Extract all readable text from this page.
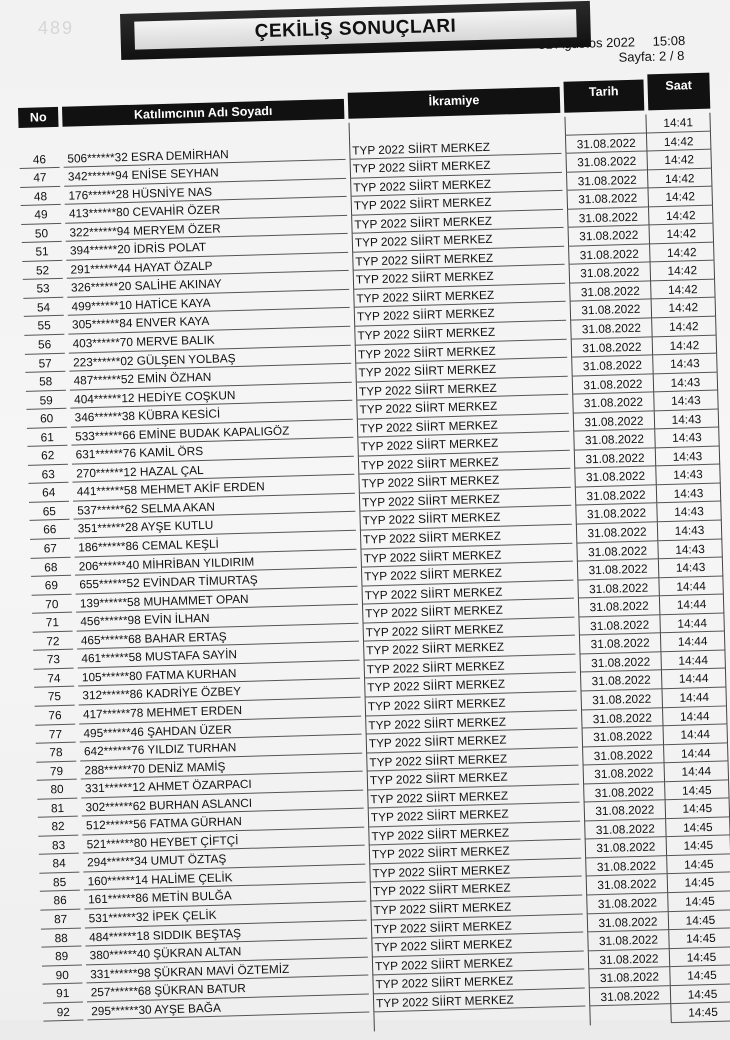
489	ÇEKİLİŞ SONUÇLARI
31 Ağustos 2022 15:08
Sayfa: 2 / 8
No	Katılımcının Adı Soyadı
İkramiye
Tarih	Saat
14:41
46	506******32 ESRA DEMİRHAN	TYP 2022 SİİRT MERKEZ	31.08.2022	14:42
47	342******94 ENİSE SEYHAN	TYP 2022 SİİRT MERKEZ	31.08.2022	14:42
48	176******28 HÜSNİYE NAS	TYP 2022 SİİRT MERKEZ	31.08.2022	14:42
49	413******80 CEVAHİR ÖZER	TYP 2022 SİİRT MERKEZ	31.08.2022	14:42
50	322******94 MERYEM ÖZER	TYP 2022 SİİRT MERKEZ	31.08.2022	14:42
51	394******20 İDRİS POLAT	TYP 2022 SİİRT MERKEZ	31.08.2022	14:42
52	291******44 HAYAT ÖZALP	TYP 2022 SİİRT MERKEZ	31.08.2022	14:42
53	326******20 SALİHE AKINAY	TYP 2022 SİİRT MERKEZ	31.08.2022	14:42
54	499******10 HATİCE KAYA	TYP 2022 SİİRT MERKEZ	31.08.2022	14:42
55	305******84 ENVER KAYA	TYP 2022 SİİRT MERKEZ	31.08.2022	14:42
56	403******70 MERVE BALIK	TYP 2022 SİİRT MERKEZ	31.08.2022	14:42
57	223******02 GÜLŞEN YOLBAŞ	TYP 2022 SİİRT MERKEZ	31.08.2022	14:42
58	487******52 EMİN ÖZHAN	TYP 2022 SİİRT MERKEZ	31.08.2022	14:43
59	404******12 HEDİYE COŞKUN	TYP 2022 SİİRT MERKEZ	31.08.2022	14:43
60	346******38 KÜBRA KESİCİ	TYP 2022 SİİRT MERKEZ	31.08.2022	14:43
61	533******66 EMİNE BUDAK KAPALIGÖZ	TYP 2022 SİİRT MERKEZ	31.08.2022	14:43
62	631******76 KAMİL ÖRS	TYP 2022 SİİRT MERKEZ	31.08.2022	14:43
63	270******12 HAZAL ÇAL	TYP 2022 SİİRT MERKEZ	31.08.2022	14:43
64	441******58 MEHMET AKİF ERDEN	TYP 2022 SİİRT MERKEZ	31.08.2022	14:43
65	537******62 SELMA AKAN	TYP 2022 SİİRT MERKEZ	31.08.2022	14:43
66	351******28 AYŞE KUTLU	TYP 2022 SİİRT MERKEZ	31.08.2022	14:43
67	186******86 CEMAL KEŞLİ	TYP 2022 SİİRT MERKEZ	31.08.2022	14:43
68	206******40 MİHRİBAN YILDIRIM	TYP 2022 SİİRT MERKEZ	31.08.2022	14:43
69	655******52 EVİNDAR TİMURTAŞ	TYP 2022 SİİRT MERKEZ	31.08.2022	14:43
70	139******58 MUHAMMET OPAN	TYP 2022 SİİRT MERKEZ	31.08.2022	14:44
71	456******98 EVİN İLHAN	TYP 2022 SİİRT MERKEZ	31.08.2022	14:44
72	465******68 BAHAR ERTAŞ	TYP 2022 SİİRT MERKEZ	31.08.2022	14:44
73	461******58 MUSTAFA SAYİN	TYP 2022 SİİRT MERKEZ	31.08.2022	14:44
74	105******80 FATMA KURHAN	TYP 2022 SİİRT MERKEZ	31.08.2022	14:44
75	312******86 KADRİYE ÖZBEY	TYP 2022 SİİRT MERKEZ	31.08.2022	14:44
76	417******78 MEHMET ERDEN	TYP 2022 SİİRT MERKEZ	31.08.2022	14:44
77	495******46 ŞAHDAN ÜZER	TYP 2022 SİİRT MERKEZ	31.08.2022	14:44
78	642******76 YILDIZ TURHAN	TYP 2022 SİİRT MERKEZ	31.08.2022	14:44
79	288******70 DENİZ MAMİŞ	TYP 2022 SİİRT MERKEZ	31.08.2022	14:44
80	331******12 AHMET ÖZARPACI	TYP 2022 SİİRT MERKEZ	31.08.2022	14:44
81	302******62 BURHAN ASLANCI	TYP 2022 SİİRT MERKEZ	31.08.2022	14:45
82	512******56 FATMA GÜRHAN	TYP 2022 SİİRT MERKEZ	31.08.2022	14:45
83	521******80 HEYBET ÇİFTÇİ	TYP 2022 SİİRT MERKEZ	31.08.2022	14:45
84	294******34 UMUT ÖZTAŞ	TYP 2022 SİİRT MERKEZ	31.08.2022	14:45
85	160******14 HALİME ÇELİK	TYP 2022 SİİRT MERKEZ	31.08.2022	14:45
86	161******86 METİN BULĞA	TYP 2022 SİİRT MERKEZ	31.08.2022	14:45
87	531******32 İPEK ÇELİK	TYP 2022 SİİRT MERKEZ	31.08.2022	14:45
88	484******18 SIDDIK BEŞTAŞ	TYP 2022 SİİRT MERKEZ	31.08.2022	14:45
89	380******40 ŞÜKRAN ALTAN	TYP 2022 SİİRT MERKEZ	31.08.2022	14:45
90	331******98 ŞÜKRAN MAVİ ÖZTEMİZ	TYP 2022 SİİRT MERKEZ	31.08.2022	14:45
91	257******68 ŞÜKRAN BATUR	TYP 2022 SİİRT MERKEZ	31.08.2022	14:45
92	295******30 AYŞE BAĞA	TYP 2022 SİİRT MERKEZ	31.08.2022	14:45
14:45
